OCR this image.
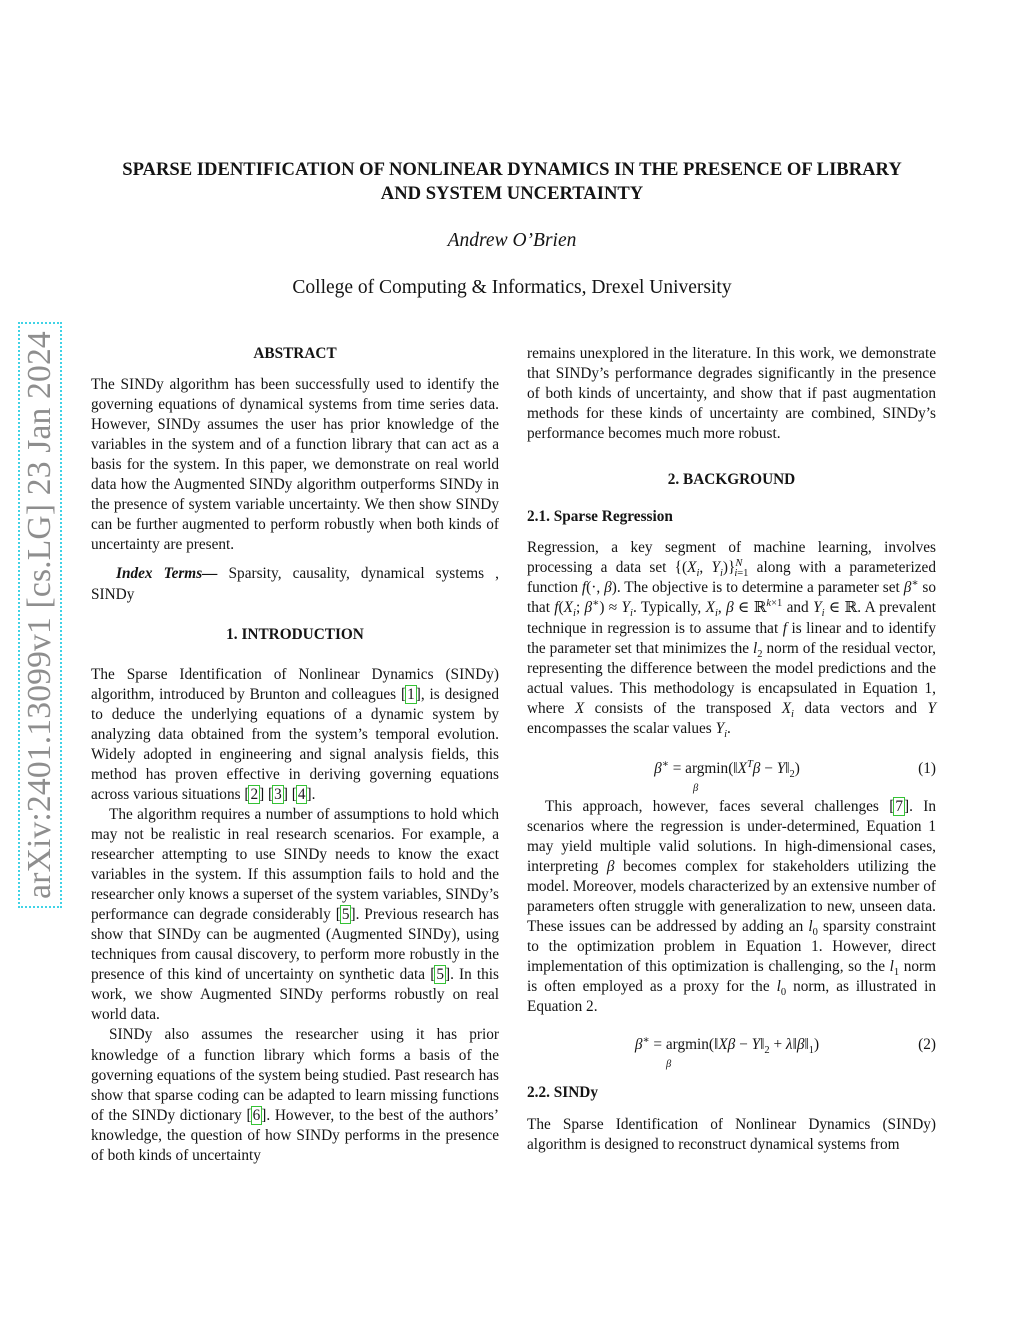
arXiv:2401.13099v1 [cs.LG] 23 Jan 2024
SPARSE IDENTIFICATION OF NONLINEAR DYNAMICS IN THE PRESENCE OF LIBRARY
AND SYSTEM UNCERTAINTY
Andrew O’Brien
College of Computing & Informatics, Drexel University
ABSTRACT

The SINDy algorithm has been successfully used to identify the governing equations of dynamical systems from time series data. However, SINDy assumes the user has prior knowledge of the variables in the system and of a function library that can act as a basis for the system. In this paper, we demonstrate on real world data how the Augmented SINDy algorithm outperforms SINDy in the presence of system variable uncertainty. We then show SINDy can be further augmented to perform robustly when both kinds of uncertainty are present.

Index Terms— Sparsity, causality, dynamical systems , SINDy

1. INTRODUCTION

The Sparse Identification of Nonlinear Dynamics (SINDy) algorithm, introduced by Brunton and colleagues [1], is designed to deduce the underlying equations of a dynamic system by analyzing data obtained from the system’s temporal evolution. Widely adopted in engineering and signal analysis fields, this method has proven effective in deriving governing equations across various situations [2] [3] [4].

The algorithm requires a number of assumptions to hold which may not be realistic in real research scenarios. For example, a researcher attempting to use SINDy needs to know the exact variables in the system. If this assumption fails to hold and the researcher only knows a superset of the system variables, SINDy’s performance can degrade considerably [5]. Previous research has show that SINDy can be augmented (Augmented SINDy), using techniques from causal discovery, to perform more robustly in the presence of this kind of uncertainty on synthetic data [5]. In this work, we show Augmented SINDy performs robustly on real world data.

SINDy also assumes the researcher using it has prior knowledge of a function library which forms a basis of the governing equations of the system being studied. Past research has show that sparse coding can be adapted to learn missing functions of the SINDy dictionary [6]. However, to the best of the authors’ knowledge, the question of how SINDy performs in the presence of both kinds of uncertainty

remains unexplored in the literature. In this work, we demonstrate that SINDy’s performance degrades significantly in the presence of both kinds of uncertainty, and show that if past augmentation methods for these kinds of uncertainty are combined, SINDy’s performance becomes much more robust.

2. BACKGROUND
2.1. Sparse Regression

Regression, a key segment of machine learning, involves processing a data set {($X_i$, $Y_i)\}^N_{i=1}$ along with a parameterized function f(·, β). The objective is to determine a parameter set β∗ so that $f(X_i$; $\beta^∗) \approx Y_i$. Typically, $X_i$, β ∈ ℝ$^{k\times 1}$ and $Y_i$ ∈ ℝ. A prevalent technique in regression is to assume that f is linear and to identify the parameter set that minimizes the $l_2$ norm of the residual vector, representing the difference between the model predictions and the actual values. This methodology is encapsulated in Equation 1, where X consists of the transposed $X_i$ data vectors and Y encompasses the scalar values $Y_i$.

$\beta^∗ = argmin(‖X^T\beta$ − $Y‖_2$)
β
(1)

This approach, however, faces several challenges [7]. In scenarios where the regression is under-determined, Equation 1 may yield multiple valid solutions. In high-dimensional cases, interpreting β becomes complex for stakeholders utilizing the model. Moreover, models characterized by an extensive number of parameters often struggle with generalization to new, unseen data. These issues can be addressed by adding an $l_0$ sparsity constraint to the optimization problem in Equation 1. However, direct implementation of this optimization is challenging, so the $l_1$ norm is often employed as a proxy for the $l_0$ norm, as illustrated in Equation 2.

β∗ = argmin(‖Xβ − $Y‖_2$ + $\lambda‖\beta‖_1$)
β
(2)
2.2. SINDy

The Sparse Identification of Nonlinear Dynamics (SINDy) algorithm is designed to reconstruct dynamical systems from
